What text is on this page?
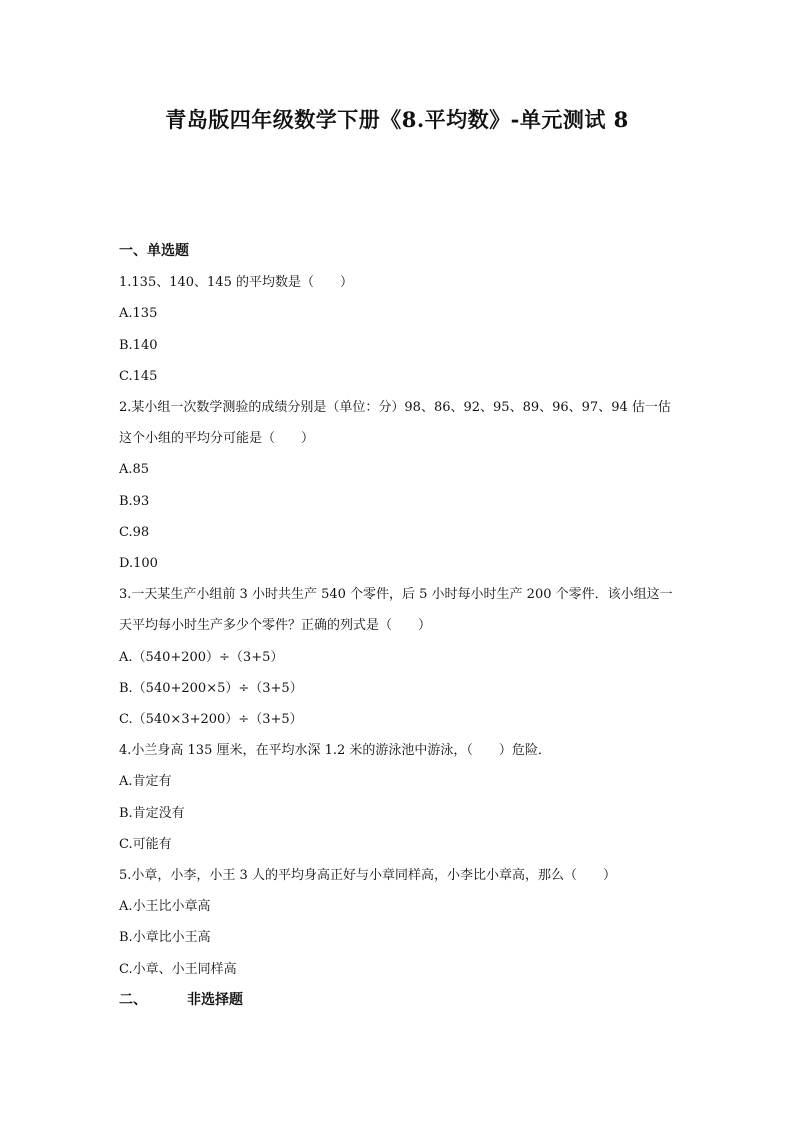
青岛版四年级数学下册《8.平均数》-单元测试 8
一、单选题
1.135、140、145 的平均数是（　　）
A.135
B.140
C.145
2.某小组一次数学测验的成绩分别是（单位：分）98、86、92、95、89、96、97、94 估一估这个小组的平均分可能是（　　）
A.85
B.93
C.98
D.100
3.一天某生产小组前 3 小时共生产 540 个零件，后 5 小时每小时生产 200 个零件．该小组这一天平均每小时生产多少个零件？正确的列式是（　　）
A.（540+200）÷（3+5）
B.（540+200×5）÷（3+5）
C.（540×3+200）÷（3+5）
4.小兰身高 135 厘米，在平均水深 1.2 米的游泳池中游泳，（　　）危险．
A.肯定有
B.肯定没有
C.可能有
5.小章，小李，小王 3 人的平均身高正好与小章同样高，小李比小章高，那么（　　）
A.小王比小章高
B.小章比小王高
C.小章、小王同样高
二、	非选择题
